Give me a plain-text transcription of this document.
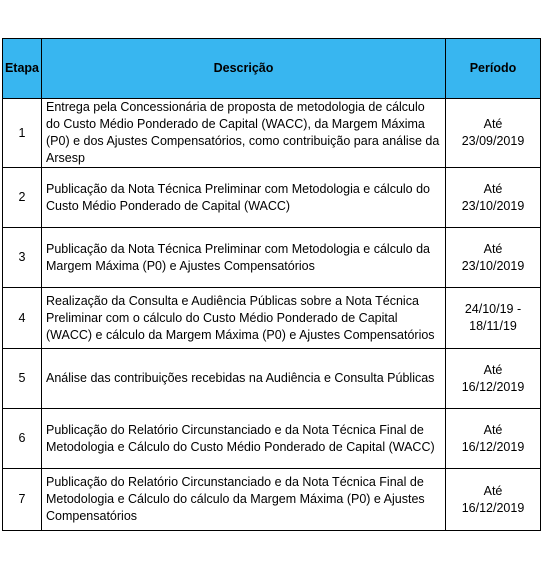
Etapa	Descrição	Período
1	Entrega pela Concessionária de proposta de metodologia de cálculo do Custo Médio Ponderado de Capital (WACC), da Margem Máxima (P0) e dos Ajustes Compensatórios, como contribuição para análise da Arsesp	Até
23/09/2019

2	Publicação da Nota Técnica Preliminar com Metodologia e cálculo do Custo Médio Ponderado de Capital (WACC)	Até
23/10/2019

3	Publicação da Nota Técnica Preliminar com Metodologia e cálculo da Margem Máxima (P0) e Ajustes Compensatórios	Até
23/10/2019

4	Realização da Consulta e Audiência Públicas sobre a Nota Técnica Preliminar com o cálculo do Custo Médio Ponderado de Capital (WACC) e cálculo da Margem Máxima (P0) e Ajustes Compensatórios	24/10/19 -
18/11/19

5	Análise das contribuições recebidas na Audiência e Consulta Públicas	Até
16/12/2019

6	Publicação do Relatório Circunstanciado e da Nota Técnica Final de Metodologia e Cálculo do Custo Médio Ponderado de Capital (WACC)	Até
16/12/2019

7	Publicação do Relatório Circunstanciado e da Nota Técnica Final de Metodologia e Cálculo do cálculo da Margem Máxima (P0) e Ajustes Compensatórios	Até
16/12/2019
